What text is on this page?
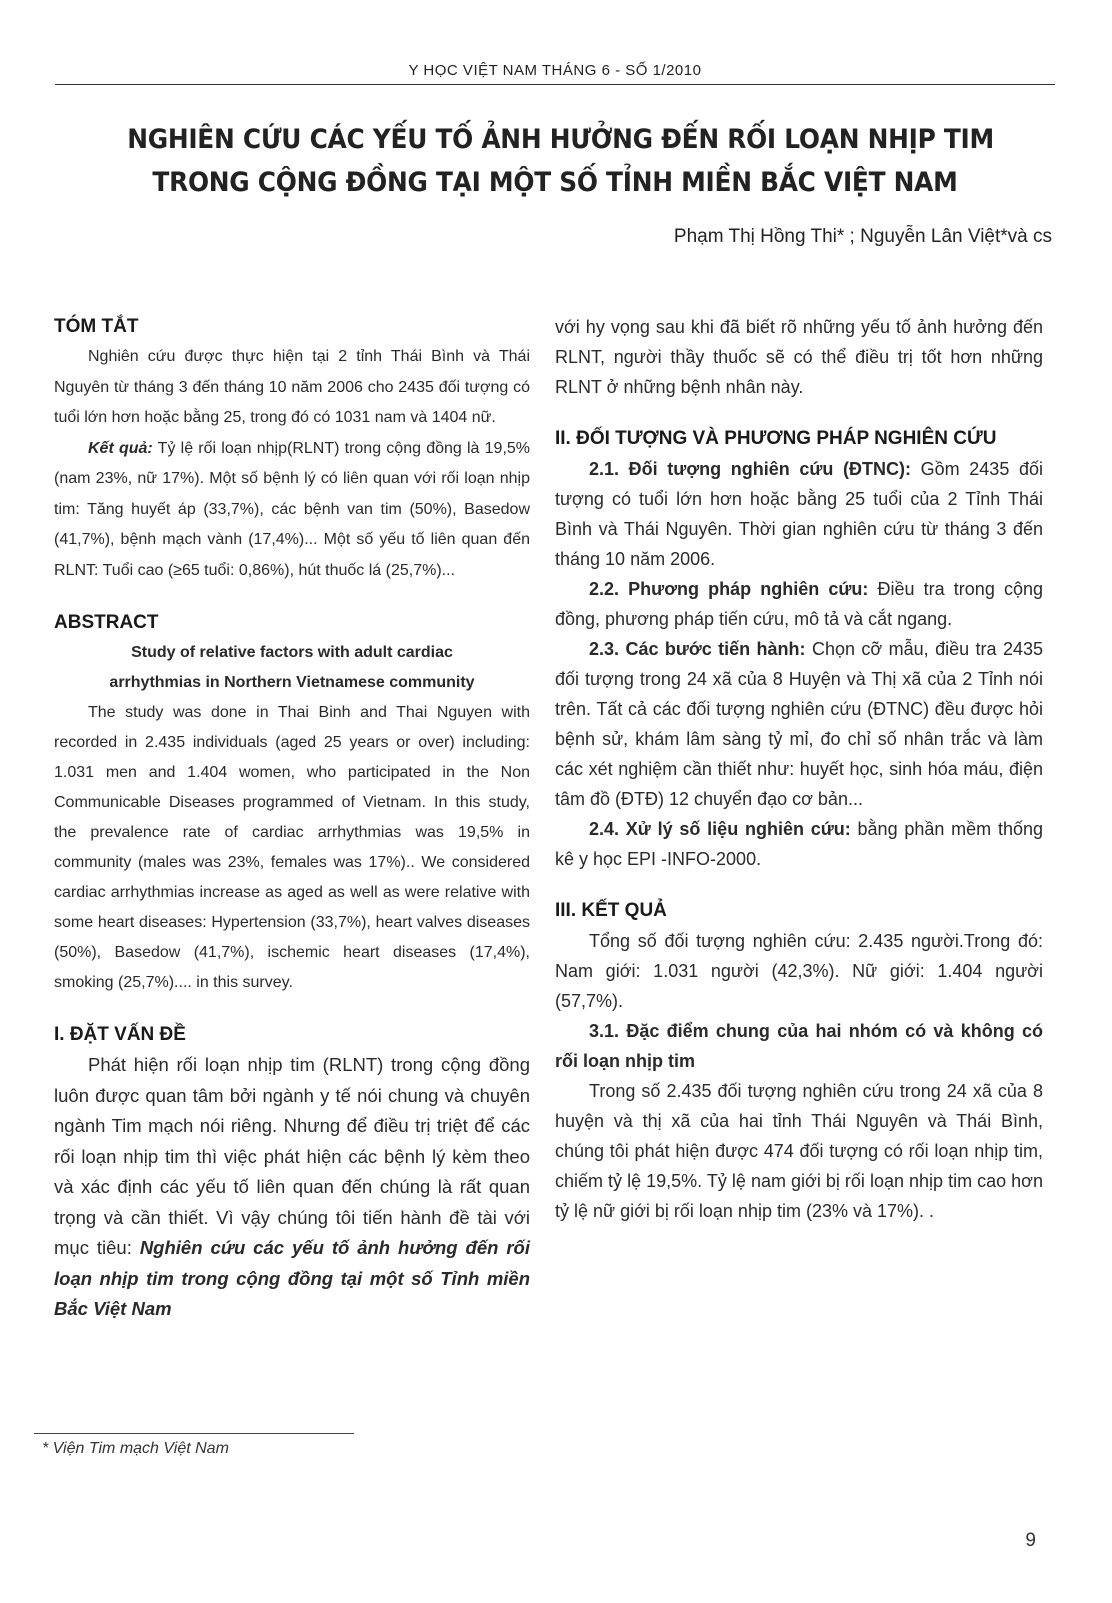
Y HỌC VIỆT NAM THÁNG 6 - SỐ 1/2010
NGHIÊN CỨU CÁC YẾU TỐ ẢNH HƯỞNG ĐẾN RỐI LOẠN NHỊP TIM
TRONG CỘNG ĐỒNG TẠI MỘT SỐ TỈNH MIỀN BẮC VIỆT NAM
Phạm Thị Hồng Thi* ; Nguyễn Lân Việt*và cs
TÓM TẮT

Nghiên cứu được thực hiện tại 2 tỉnh Thái Bình và Thái Nguyên từ tháng 3 đến tháng 10 năm 2006 cho 2435 đối tượng có tuổi lớn hơn hoặc bằng 25, trong đó có 1031 nam và 1404 nữ.

Kết quả: Tỷ lệ rối loạn nhịp(RLNT) trong cộng đồng là 19,5% (nam 23%, nữ 17%). Một số bệnh lý có liên quan với rối loạn nhịp tim: Tăng huyết áp (33,7%), các bệnh van tim (50%), Basedow (41,7%), bệnh mạch vành (17,4%)... Một số yếu tố liên quan đến RLNT: Tuổi cao (≥65 tuổi: 0,86%), hút thuốc lá (25,7%)...

ABSTRACT
Study of relative factors with adult cardiac
arrhythmias in Northern Vietnamese community

The study was done in Thai Binh and Thai Nguyen with recorded in 2.435 individuals (aged 25 years or over) including: 1.031 men and 1.404 women, who participated in the Non Communicable Diseases programmed of Vietnam. In this study, the prevalence rate of cardiac arrhythmias was 19,5% in community (males was 23%, females was 17%).. We considered cardiac arrhythmias increase as aged as well as were relative with some heart diseases: Hypertension (33,7%), heart valves diseases (50%), Basedow (41,7%), ischemic heart diseases (17,4%), smoking (25,7%).... in this survey.

I. ĐẶT VẤN ĐỀ

Phát hiện rối loạn nhịp tim (RLNT) trong cộng đồng luôn được quan tâm bởi ngành y tế nói chung và chuyên ngành Tim mạch nói riêng. Nhưng để điều trị triệt để các rối loạn nhịp tim thì việc phát hiện các bệnh lý kèm theo và xác định các yếu tố liên quan đến chúng là rất quan trọng và cần thiết. Vì vậy chúng tôi tiến hành đề tài với mục tiêu: Nghiên cứu các yếu tố ảnh hưởng đến rối loạn nhịp tim trong cộng đồng tại một số Tỉnh miền Bắc Việt Nam

với hy vọng sau khi đã biết rõ những yếu tố ảnh hưởng đến RLNT, người thầy thuốc sẽ có thể điều trị tốt hơn những RLNT ở những bệnh nhân này.

II. ĐỐI TƯỢNG VÀ PHƯƠNG PHÁP NGHIÊN CỨU

2.1. Đối tượng nghiên cứu (ĐTNC): Gồm 2435 đối tượng có tuổi lớn hơn hoặc bằng 25 tuổi của 2 Tỉnh Thái Bình và Thái Nguyên. Thời gian nghiên cứu từ tháng 3 đến tháng 10 năm 2006.

2.2. Phương pháp nghiên cứu: Điều tra trong cộng đồng, phương pháp tiến cứu, mô tả và cắt ngang.

2.3. Các bước tiến hành: Chọn cỡ mẫu, điều tra 2435 đối tượng trong 24 xã của 8 Huyện và Thị xã của 2 Tỉnh nói trên. Tất cả các đối tượng nghiên cứu (ĐTNC) đều được hỏi bệnh sử, khám lâm sàng tỷ mỉ, đo chỉ số nhân trắc và làm các xét nghiệm cần thiết như: huyết học, sinh hóa máu, điện tâm đồ (ĐTĐ) 12 chuyển đạo cơ bản...

2.4. Xử lý số liệu nghiên cứu: bằng phần mềm thống kê y học EPI -INFO-2000.

III. KẾT QUẢ

Tổng số đối tượng nghiên cứu: 2.435 người.Trong đó: Nam giới: 1.031 người (42,3%). Nữ giới: 1.404 người (57,7%).

3.1. Đặc điểm chung của hai nhóm có và không có rối loạn nhịp tim

Trong số 2.435 đối tượng nghiên cứu trong 24 xã của 8 huyện và thị xã của hai tỉnh Thái Nguyên và Thái Bình, chúng tôi phát hiện được 474 đối tượng có rối loạn nhịp tim, chiếm tỷ lệ 19,5%. Tỷ lệ nam giới bị rối loạn nhịp tim cao hơn tỷ lệ nữ giới bị rối loạn nhịp tim (23% và 17%). .

* Viện Tim mạch Việt Nam
9
